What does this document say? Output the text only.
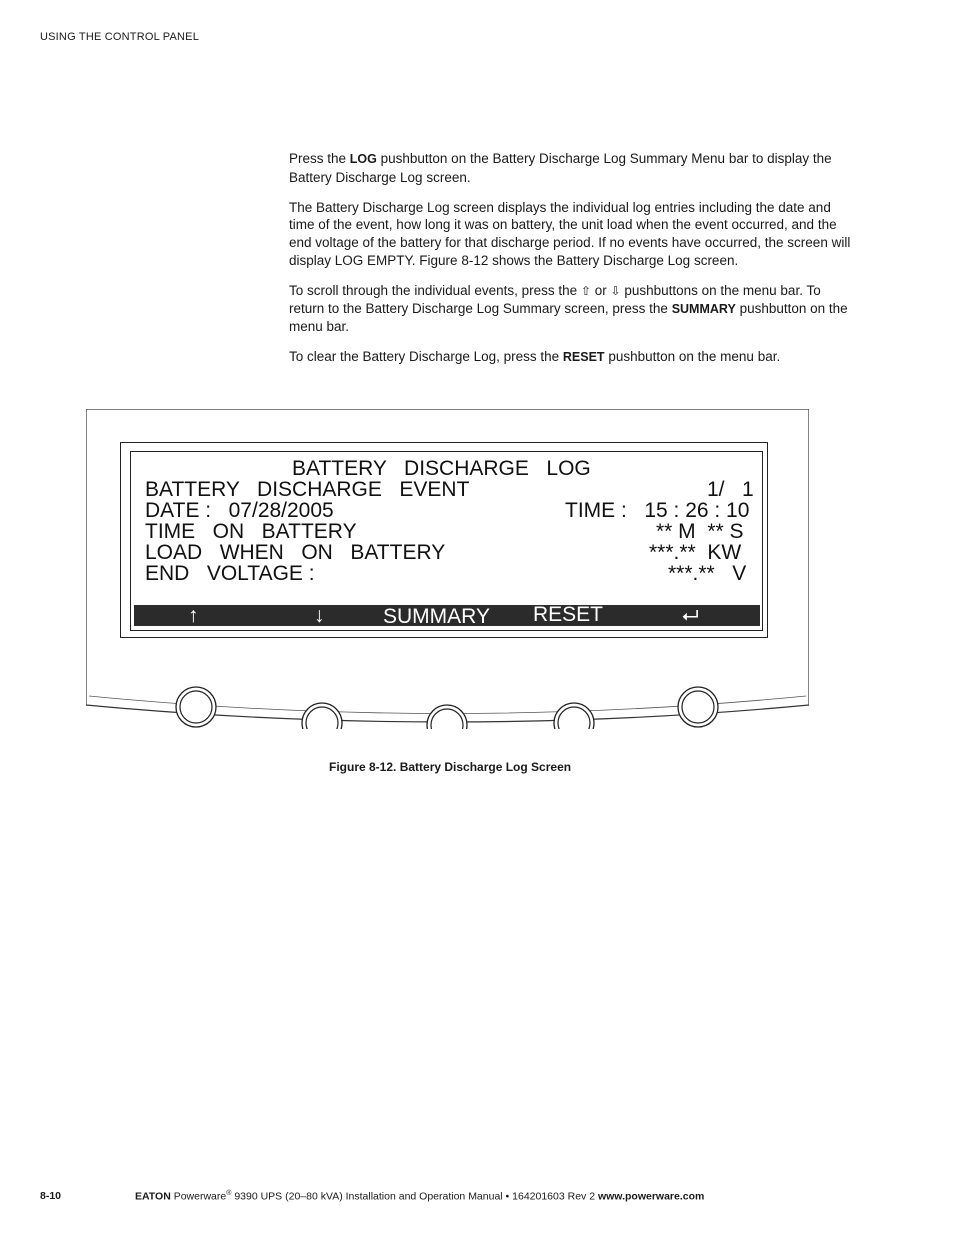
USING THE CONTROL PANEL

Press the LOG pushbutton on the Battery Discharge Log Summary Menu bar to display the Battery Discharge Log screen.

The Battery Discharge Log screen displays the individual log entries including the date and time of the event, how long it was on battery, the unit load when the event occurred, and the end voltage of the battery for that discharge period. If no events have occurred, the screen will display LOG EMPTY. Figure 8-12 shows the Battery Discharge Log screen.

To scroll through the individual events, press the ⇧ or ⇩ pushbuttons on the menu bar. To return to the Battery Discharge Log Summary screen, press the SUMMARY pushbutton on the menu bar.

To clear the Battery Discharge Log, press the RESET pushbutton on the menu bar.

BATTERY   DISCHARGE   LOG
BATTERY   DISCHARGE   EVENT	1/   1
DATE :   07/28/2005	TIME :   15 : 26 : 10
TIME   ON   BATTERY	** M  ** S
LOAD   WHEN   ON   BATTERY	***.**  KW
END   VOLTAGE :	***.**   V
↑	↓	SUMMARY RESET	⮠
Figure 8-12. Battery Discharge Log Screen
8-10	EATON Powerware® 9390 UPS (20–80 kVA) Installation and Operation Manual • 164201603 Rev 2 www.powerware.com
